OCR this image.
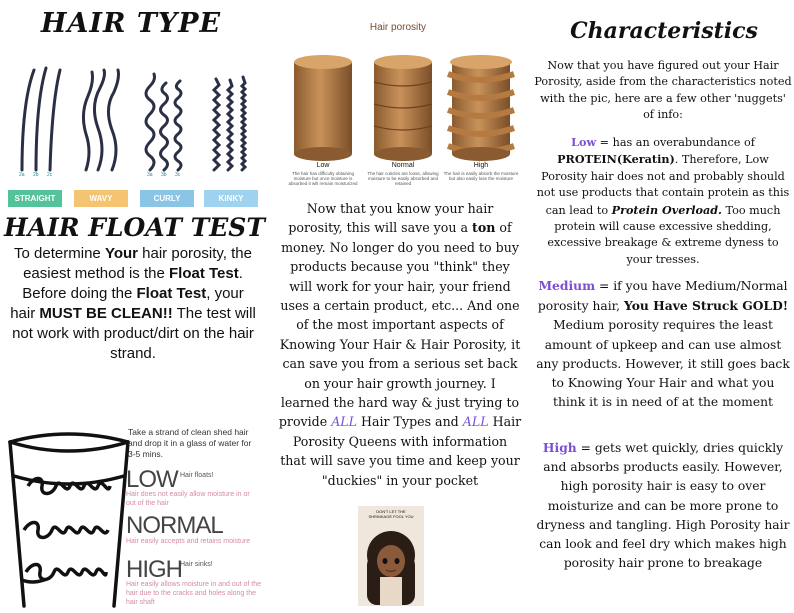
HAIR TYPE
2a 2b 2c	3a 3b 3c
STRAIGHT	WAVY	CURLY	KINKY
HAIR FLOAT TEST
To determine Your hair porosity, the easiest method is the Float Test. Before doing the Float Test, your hair MUST BE CLEAN!! The test will not work with product/dirt on the hair strand.
Take a strand of clean shed hair and drop it in a glass of water for 3-5 mins.
LOW Hair floats!
Hair does not easily allow moisture in or out of the hair
NORMAL
Hair easily accepts and retains moisture
HIGH
Hair sinks!
Hair easily allows moisture in and out of the hair due to the cracks and holes along the hair shaft
Hair porosity
Low	Normal	High
The hair has difficulty obtaining moisture but once moisture is absorbed it will remain moisturized
The hair cuticles are loose, allowing moisture to be easily absorbed and retained
The hair is easily absorb the moisture but also easily lose the moisture
Now that you know your hair porosity, this will save you a ton of money. No longer do you need to buy products because you "think" they will work for your hair, your friend uses a certain product, etc... And one of the most important aspects of Knowing Your Hair & Hair Porosity, it can save you from a serious set back on your hair growth journey. I learned the hard way & just trying to provide ALL Hair Types and ALL Hair Porosity Queens with information that will save you time and keep your "duckies" in your pocket
DON'T LET THE SHRINKAGE FOOL YOU
Characteristics
Now that you have figured out your Hair Porosity, aside from the characteristics noted with the pic, here are a few other 'nuggets' of info:
Low = has an overabundance of PROTEIN(Keratin). Therefore, Low Porosity hair does not and probably should not use products that contain protein as this can lead to Protein Overload. Too much protein will cause excessive shedding, excessive breakage & extreme dyness to your tresses.
Medium = if you have Medium/Normal porosity hair, You Have Struck GOLD! Medium porosity requires the least amount of upkeep and can use almost any products. However, it still goes back to Knowing Your Hair and what you think it is in need of at the moment
High = gets wet quickly, dries quickly and absorbs products easily. However, high porosity hair is easy to over moisturize and can be more prone to dryness and tangling. High Porosity hair can look and feel dry which makes high porosity hair prone to breakage
